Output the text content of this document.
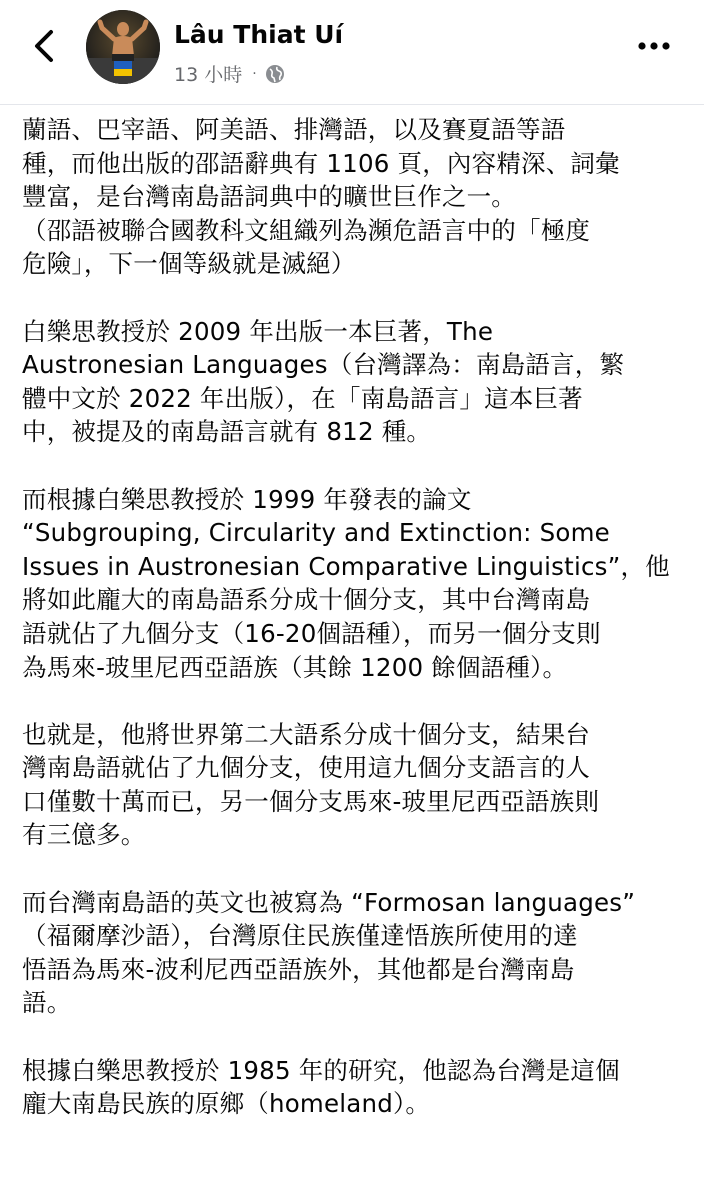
Lâu Thiat Uí
13 小時 ·
蘭語、巴宰語、阿美語、排灣語，以及賽夏語等語
種，而他出版的邵語辭典有 1106 頁，內容精深、詞彙
豐富，是台灣南島語詞典中的曠世巨作之一。
（邵語被聯合國教科文組織列為瀕危語言中的「極度
危險」，下一個等級就是滅絕）
白樂思教授於 2009 年出版一本巨著，The
Austronesian Languages（台灣譯為：南島語言，繁
體中文於 2022 年出版），在「南島語言」這本巨著
中，被提及的南島語言就有 812 種。
而根據白樂思教授於 1999 年發表的論文
“Subgrouping, Circularity and Extinction: Some
Issues in Austronesian Comparative Linguistics”，他
將如此龐大的南島語系分成十個分支，其中台灣南島
語就佔了九個分支（16-20個語種），而另一個分支則
為馬來-玻里尼西亞語族（其餘 1200 餘個語種）。
也就是，他將世界第二大語系分成十個分支，結果台
灣南島語就佔了九個分支，使用這九個分支語言的人
口僅數十萬而已，另一個分支馬來-玻里尼西亞語族則
有三億多。
而台灣南島語的英文也被寫為 “Formosan languages”
（福爾摩沙語），台灣原住民族僅達悟族所使用的達
悟語為馬來-波利尼西亞語族外，其他都是台灣南島
語。
根據白樂思教授於 1985 年的研究，他認為台灣是這個
龐大南島民族的原鄉（homeland）。
